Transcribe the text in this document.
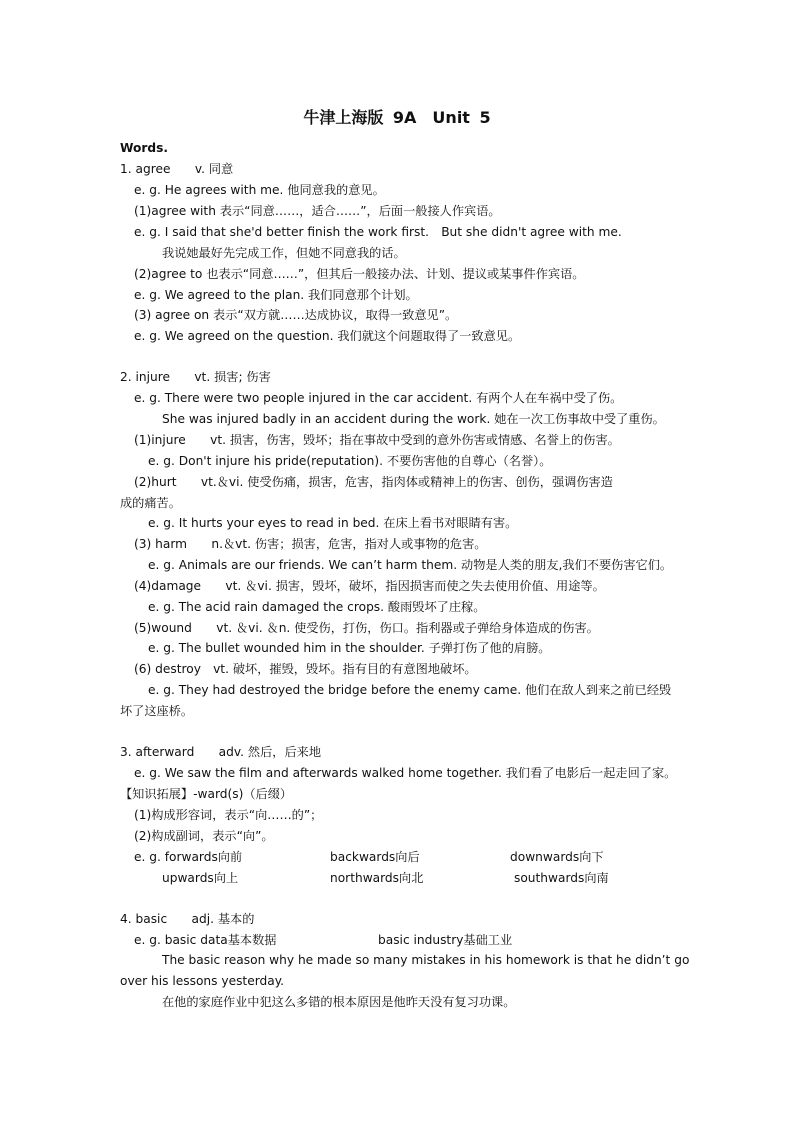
牛津上海版 9A　Unit 5
Words.
1. agree　　v. 同意
e. g. He agrees with me. 他同意我的意见。
(1)agree with 表示“同意……，适合……”，后面一般接人作宾语。
e. g. I said that she'd better finish the work first.　But she didn't agree with me.
我说她最好先完成工作，但她不同意我的话。
(2)agree to 也表示“同意……”，但其后一般接办法、计划、提议或某事件作宾语。
e. g. We agreed to the plan. 我们同意那个计划。
(3) agree on 表示“双方就……达成协议，取得一致意见”。
e. g. We agreed on the question. 我们就这个问题取得了一致意见。
2. injure　　vt. 损害; 伤害
e. g. There were two people injured in the car accident. 有两个人在车祸中受了伤。
She was injured badly in an accident during the work. 她在一次工伤事故中受了重伤。
(1)injure　　vt. 损害，伤害，毁坏；指在事故中受到的意外伤害或情感、名誉上的伤害。
e. g. Don't injure his pride(reputation). 不要伤害他的自尊心（名誉）。
(2)hurt　　vt.＆vi. 使受伤痛，损害，危害，指肉体或精神上的伤害、创伤，强调伤害造
成的痛苦。
e. g. It hurts your eyes to read in bed. 在床上看书对眼睛有害。
(3) harm　　n.＆vt. 伤害；损害，危害，指对人或事物的危害。
e. g. Animals are our friends. We can’t harm them. 动物是人类的朋友,我们不要伤害它们。
(4)damage　　vt. ＆vi. 损害，毁坏，破坏，指因损害而使之失去使用价值、用途等。
e. g. The acid rain damaged the crops. 酸雨毁坏了庄稼。
(5)wound　　vt. ＆vi. ＆n. 使受伤，打伤，伤口。指利器或子弹给身体造成的伤害。
e. g. The bullet wounded him in the shoulder. 子弹打伤了他的肩膀。
(6) destroy　vt. 破坏，摧毁，毁坏。指有目的有意图地破坏。
e. g. They had destroyed the bridge before the enemy came. 他们在敌人到来之前已经毁
坏了这座桥。
3. afterward　　adv. 然后，后来地
e. g. We saw the film and afterwards walked home together. 我们看了电影后一起走回了家。
【知识拓展】-ward(s)（后缀）
(1)构成形容词，表示“向……的”；
(2)构成副词，表示“向”。
e. g. forwards向前	backwards向后	downwards向下
upwards向上	northwards向北	southwards向南
4. basic　　adj. 基本的
e. g. basic data基本数据	basic industry基础工业
The basic reason why he made so many mistakes in his homework is that he didn’t go
over his lessons yesterday.
在他的家庭作业中犯这么多错的根本原因是他昨天没有复习功课。
